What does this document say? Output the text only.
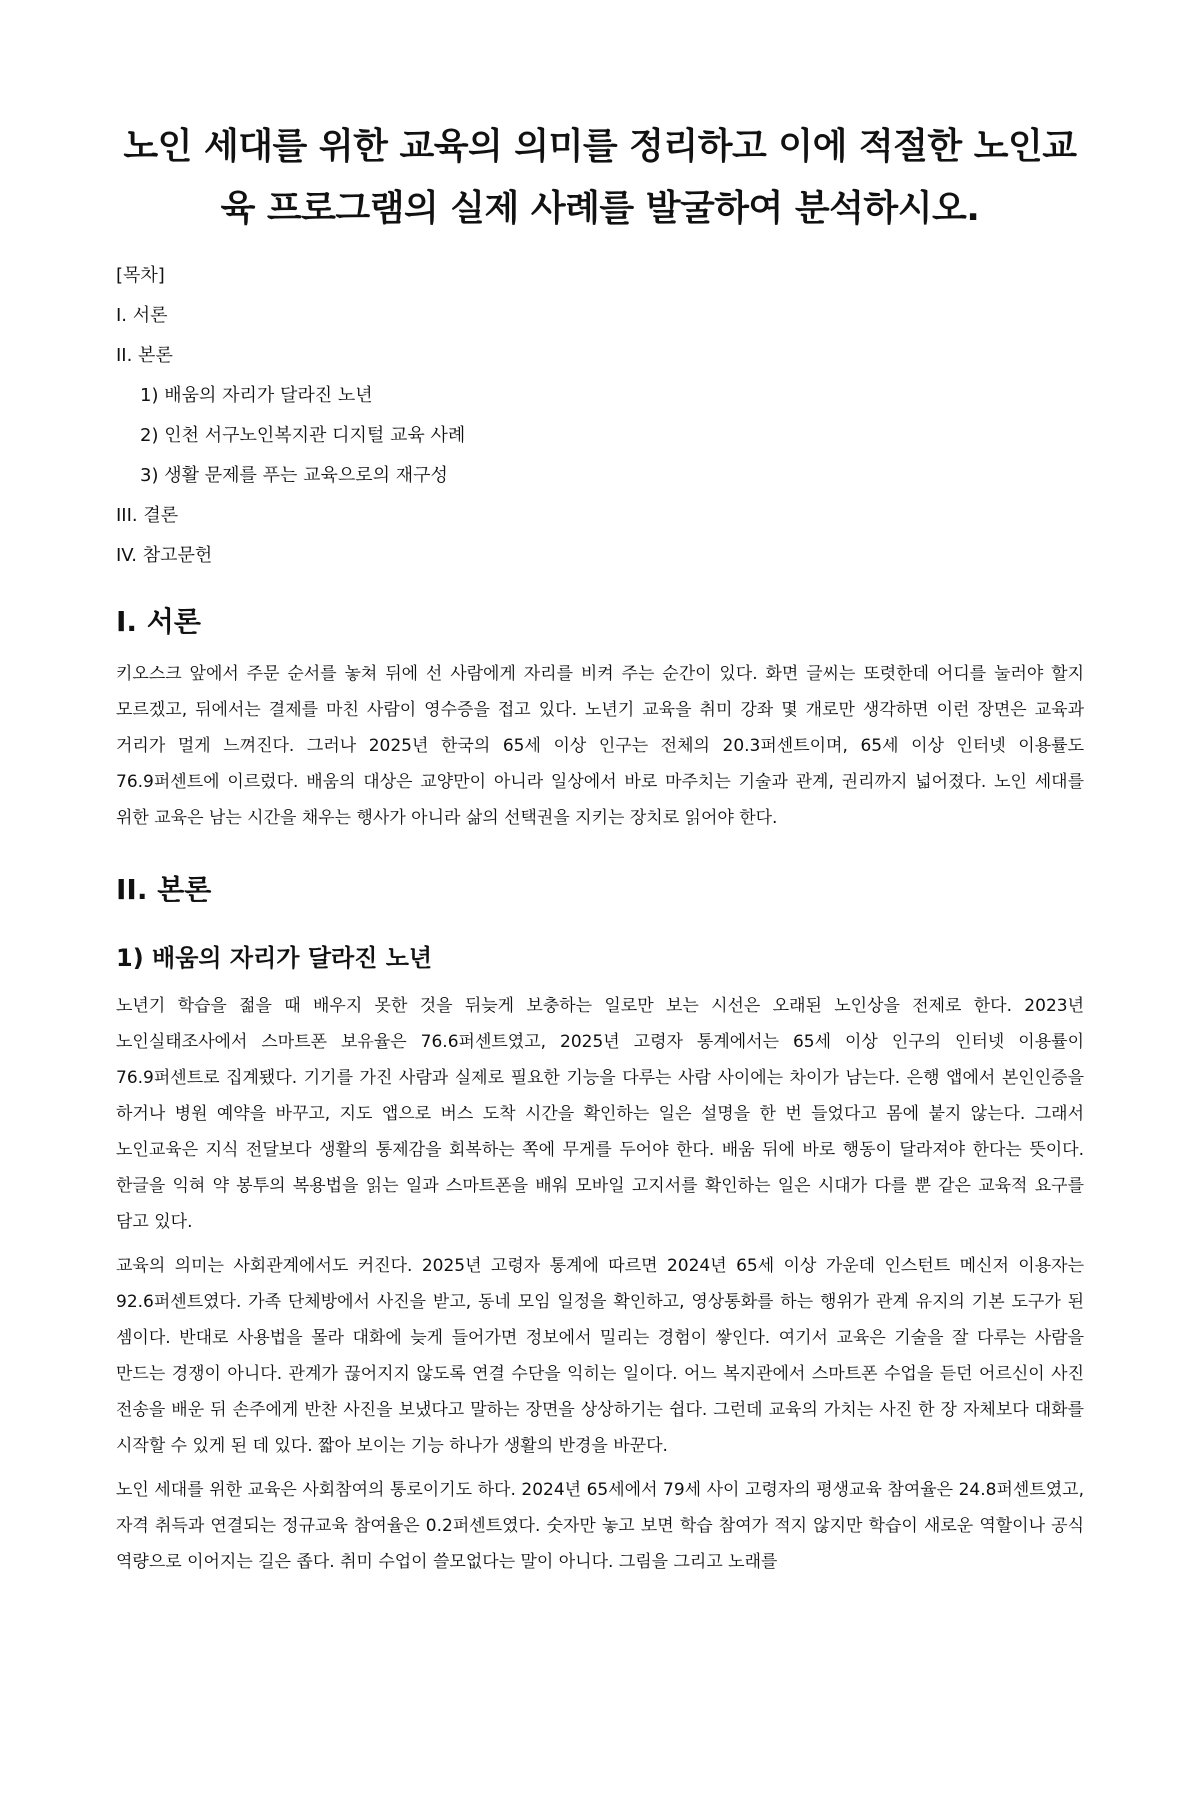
노인 세대를 위한 교육의 의미를 정리하고 이에 적절한 노인교육 프로그램의 실제 사례를 발굴하여 분석하시오.
[목차]
I. 서론
II. 본론
1) 배움의 자리가 달라진 노년
2) 인천 서구노인복지관 디지털 교육 사례
3) 생활 문제를 푸는 교육으로의 재구성
III. 결론
IV. 참고문헌
I. 서론

키오스크 앞에서 주문 순서를 놓쳐 뒤에 선 사람에게 자리를 비켜 주는 순간이 있다. 화면 글씨는 또렷한데 어디를 눌러야 할지 모르겠고, 뒤에서는 결제를 마친 사람이 영수증을 접고 있다. 노년기 교육을 취미 강좌 몇 개로만 생각하면 이런 장면은 교육과 거리가 멀게 느껴진다. 그러나 2025년 한국의 65세 이상 인구는 전체의 20.3퍼센트이며, 65세 이상 인터넷 이용률도 76.9퍼센트에 이르렀다. 배움의 대상은 교양만이 아니라 일상에서 바로 마주치는 기술과 관계, 권리까지 넓어졌다. 노인 세대를 위한 교육은 남는 시간을 채우는 행사가 아니라 삶의 선택권을 지키는 장치로 읽어야 한다.

II. 본론
1) 배움의 자리가 달라진 노년

노년기 학습을 젊을 때 배우지 못한 것을 뒤늦게 보충하는 일로만 보는 시선은 오래된 노인상을 전제로 한다. 2023년 노인실태조사에서 스마트폰 보유율은 76.6퍼센트였고, 2025년 고령자 통계에서는 65세 이상 인구의 인터넷 이용률이 76.9퍼센트로 집계됐다. 기기를 가진 사람과 실제로 필요한 기능을 다루는 사람 사이에는 차이가 남는다. 은행 앱에서 본인인증을 하거나 병원 예약을 바꾸고, 지도 앱으로 버스 도착 시간을 확인하는 일은 설명을 한 번 들었다고 몸에 붙지 않는다. 그래서 노인교육은 지식 전달보다 생활의 통제감을 회복하는 쪽에 무게를 두어야 한다. 배움 뒤에 바로 행동이 달라져야 한다는 뜻이다. 한글을 익혀 약 봉투의 복용법을 읽는 일과 스마트폰을 배워 모바일 고지서를 확인하는 일은 시대가 다를 뿐 같은 교육적 요구를 담고 있다.

교육의 의미는 사회관계에서도 커진다. 2025년 고령자 통계에 따르면 2024년 65세 이상 가운데 인스턴트 메신저 이용자는 92.6퍼센트였다. 가족 단체방에서 사진을 받고, 동네 모임 일정을 확인하고, 영상통화를 하는 행위가 관계 유지의 기본 도구가 된 셈이다. 반대로 사용법을 몰라 대화에 늦게 들어가면 정보에서 밀리는 경험이 쌓인다. 여기서 교육은 기술을 잘 다루는 사람을 만드는 경쟁이 아니다. 관계가 끊어지지 않도록 연결 수단을 익히는 일이다. 어느 복지관에서 스마트폰 수업을 듣던 어르신이 사진 전송을 배운 뒤 손주에게 반찬 사진을 보냈다고 말하는 장면을 상상하기는 쉽다. 그런데 교육의 가치는 사진 한 장 자체보다 대화를 시작할 수 있게 된 데 있다. 짧아 보이는 기능 하나가 생활의 반경을 바꾼다.

노인 세대를 위한 교육은 사회참여의 통로이기도 하다. 2024년 65세에서 79세 사이 고령자의 평생교육 참여율은 24.8퍼센트였고, 자격 취득과 연결되는 정규교육 참여율은 0.2퍼센트였다. 숫자만 놓고 보면 학습 참여가 적지 않지만 학습이 새로운 역할이나 공식 역량으로 이어지는 길은 좁다. 취미 수업이 쓸모없다는 말이 아니다. 그림을 그리고 노래를
